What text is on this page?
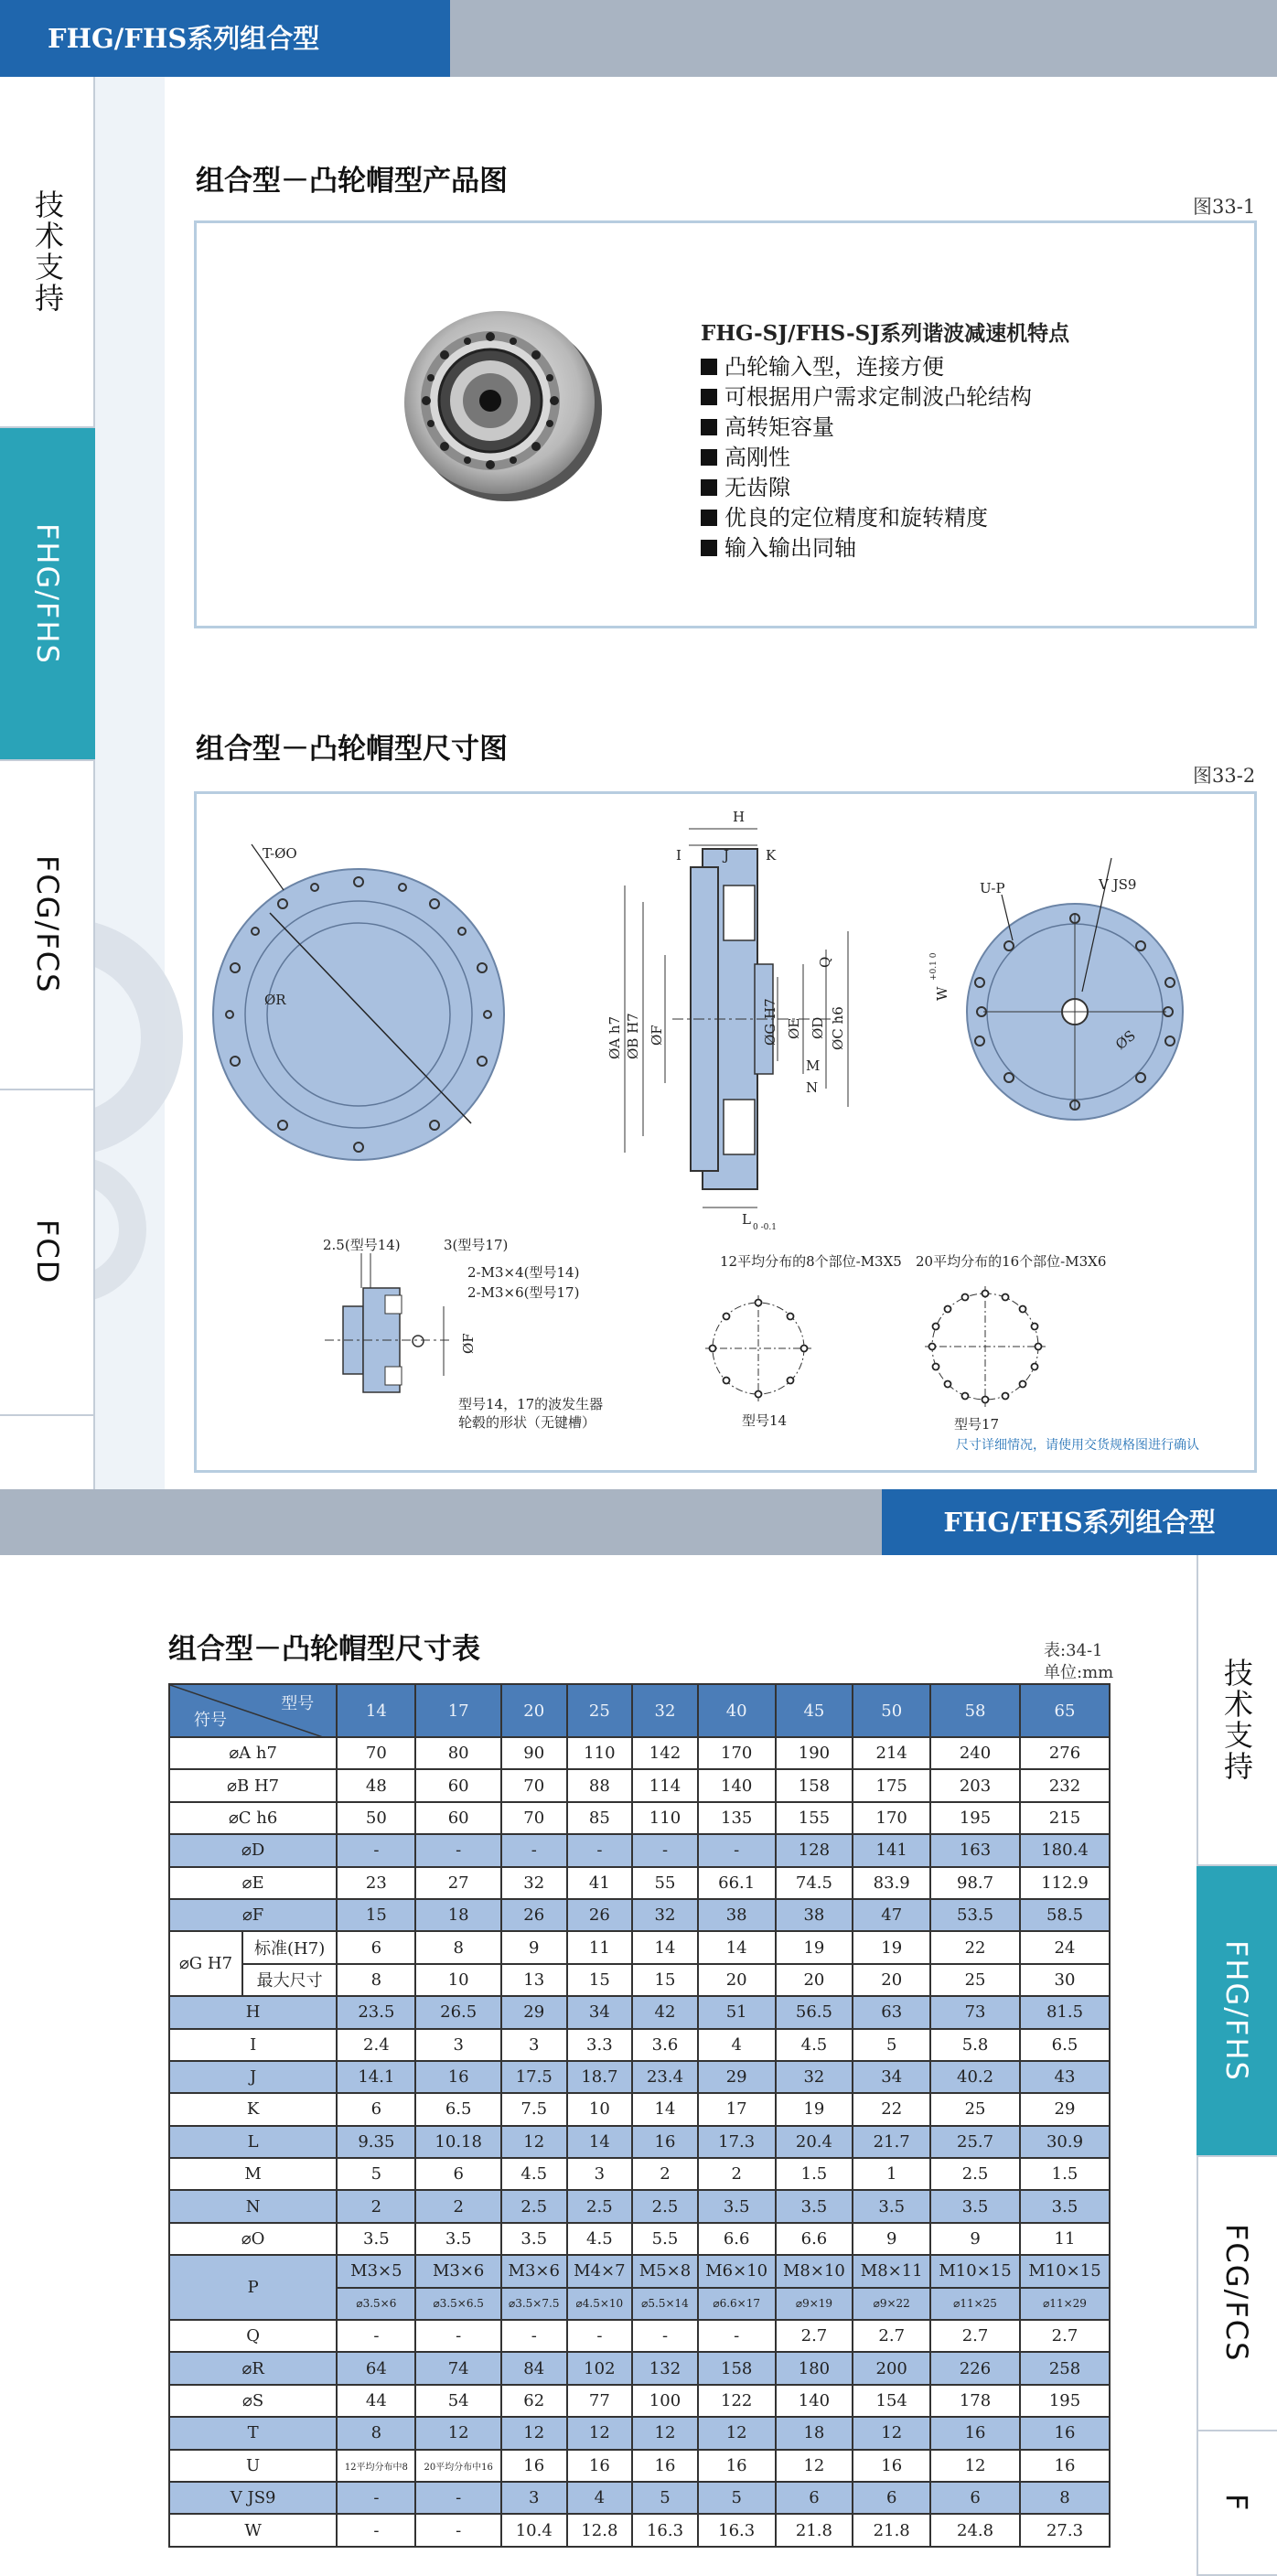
FHG/FHS系列组合型
技术支持
FHG/FHS
FCG/FCS
FCD
组合型－凸轮帽型产品图
图33-1
FHG-SJ/FHS-SJ系列谐波减速机特点
凸轮输入型，连接方便
可根据用户需求定制波凸轮结构
高转矩容量
高刚性
无齿隙
优良的定位精度和旋转精度
输入输出同轴
组合型－凸轮帽型尺寸图
图33-2
ØR
T-ØO
H
I	J	K
Q
M
N
ØA h7 ØB H7 ØF	ØG H7 ØE ØD ØC h6
L 0 -0.1
U-P	V JS9
W
+0.1 0
ØS
2.5(型号14)	3(型号17)
2-M3×4(型号14)
2-M3×6(型号17)
ØF
型号14，17的波发生器
轮毂的形状（无键槽）
12平均分布的8个部位-M3X5
型号14
20平均分布的16个部位-M3X6
型号17
尺寸详细情况，请使用交货规格图进行确认
FHG/FHS系列组合型
技术支持
FHG/FHS
FCG/FCS
F
组合型－凸轮帽型尺寸表	表:34-1
单位:mm
型号
符号		14	17	20	25	32	40	45	50	58	65
⌀A h7		70	80	90	110	142	170	190	214	240	276
⌀B H7		48	60	70	88	114	140	158	175	203	232
⌀C h6		50	60	70	85	110	135	155	170	195	215
⌀D		-	-	-	-	-	-	128	141	163	180.4
⌀E		23	27	32	41	55	66.1	74.5	83.9	98.7	112.9
⌀F		15	18	26	26	32	38	38	47	53.5	58.5
⌀G H7	标准(H7)	6	8	9	11	14	14	19	19	22	24
	最大尺寸	8	10	13	15	15	20	20	20	25	30
H		23.5	26.5	29	34	42	51	56.5	63	73	81.5
I		2.4	3	3	3.3	3.6	4	4.5	5	5.8	6.5
J		14.1	16	17.5	18.7	23.4	29	32	34	40.2	43
K		6	6.5	7.5	10	14	17	19	22	25	29
L		9.35	10.18	12	14	16	17.3	20.4	21.7	25.7	30.9
M		5	6	4.5	3	2	2	1.5	1	2.5	1.5
N		2	2	2.5	2.5	2.5	3.5	3.5	3.5	3.5	3.5
⌀O		3.5	3.5	3.5	4.5	5.5	6.6	6.6	9	9	11
P		M3×5	M3×6	M3×6	M4×7	M5×8	M6×10	M8×10	M8×11	M10×15	M10×15
		⌀3.5×6	⌀3.5×6.5	⌀3.5×7.5	⌀4.5×10	⌀5.5×14	⌀6.6×17	⌀9×19	⌀9×22	⌀11×25	⌀11×29
Q		-	-	-	-	-	-	2.7	2.7	2.7	2.7
⌀R		64	74	84	102	132	158	180	200	226	258
⌀S		44	54	62	77	100	122	140	154	178	195
T		8	12	12	12	12	12	18	12	16	16
U		12平均分布中8	20平均分布中16	16	16	16	16	12	16	12	16
V JS9		-	-	3	4	5	5	6	6	6	8
W		-	-	10.4	12.8	16.3	16.3	21.8	21.8	24.8	27.3
